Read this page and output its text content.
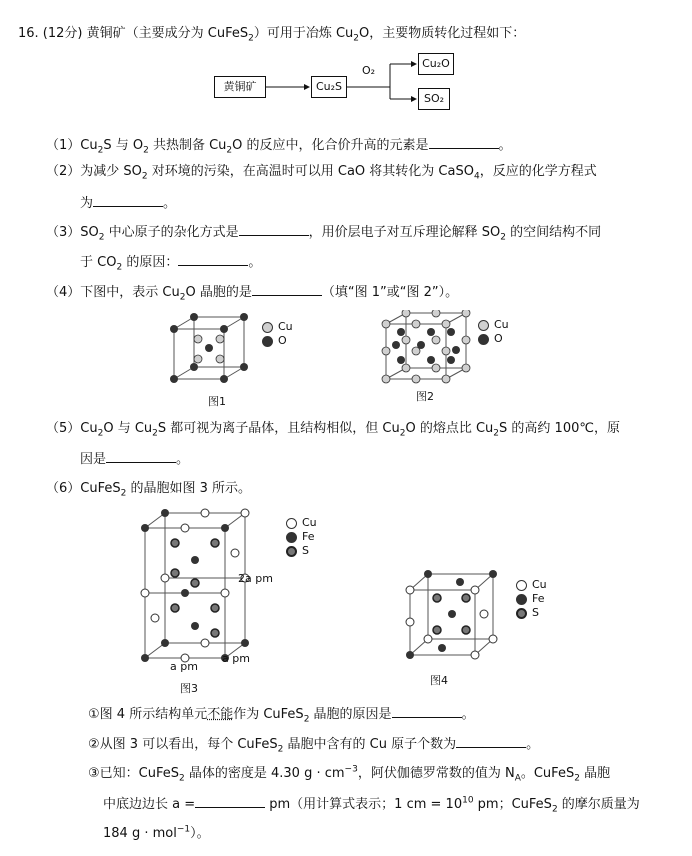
16. (12分) 黄铜矿（主要成分为 CuFeS$_2$）可用于冶炼 $Cu_2O$，主要物质转化过程如下：
黄铜矿	Cu₂S
Cu₂O
SO₂
O₂
$(1)Cu_2S$ 与 $O_2$ 共热制备 $Cu_2O$ 的反应中，化合价升高的元素是	。
（2）为减少 $SO_2$ 对环境的污染，在高温时可以用 CaO 将其转化为 CaSO$_4$，反应的化学方程式
为	。
$(3)SO_2$ 中心原子的杂化方式是	，用价层电子对互斥理论解释 $SO_2$ 的空间结构不同
于 $CO_2$ 的原因：	。
（4）下图中，表示 $Cu_2O$ 晶胞的是	（填“图 1”或“图 2”）。
Cu
O
图1
Cu
O
图2
$(5)Cu_2O$ 与 $Cu_2S$ 都可视为离子晶体，且结构相似，但 $Cu_2O$ 的熔点比 $Cu_2S$ 的高约 100℃，原
因是	。
（6）CuFeS$_2$ 的晶胞如图 3 所示。
2a pm
a pm
a pm
Cu
Fe
S
图3
Cu
Fe
S
图4
①图 4 所示结构单元不能作为 CuFeS$_2$ 晶胞的原因是	。
②从图 3 可以看出，每个 CuFeS$_2$ 晶胞中含有的 Cu 原子个数为	。
③已知：CuFeS$_2$ 晶体的密度是 4.30 $g \cdot cm^{-3}$，阿伏伽德罗常数的值为 $N_A$。CuFeS$_2$ 晶胞
中底边边长 a =	pm（用计算式表示；1 cm = $10^{10}$ pm；CuFeS$_2$ 的摩尔质量为
184 g · mol$^{-1}$）。
